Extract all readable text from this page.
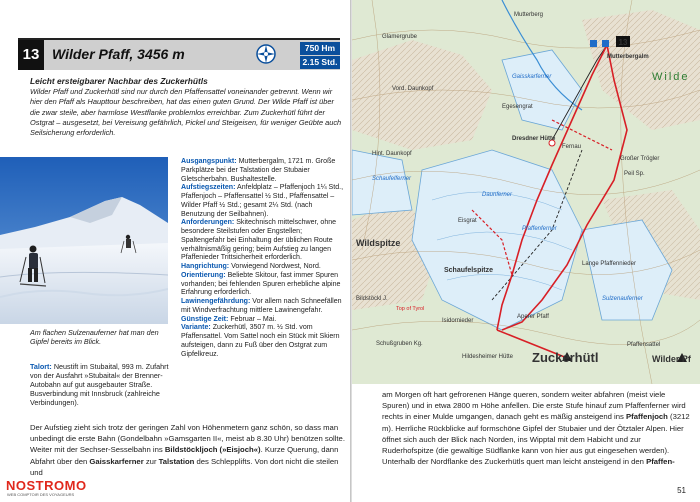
13 Wilder Pfaff, 3456 m	750 Hm
2.15 Std.
Leicht ersteigbarer Nachbar des Zuckerhütls

Wilder Pfaff und Zuckerhütl sind nur durch den Pfaffensattel voneinander getrennt. Wenn wir hier den Pfaff als Haupttour beschreiben, hat das einen guten Grund. Der Wilde Pfaff ist über die zwar steile, aber harmlose Westflanke problemlos erreichbar. Zum Zuckerhütl führt der Ostgrat – ausgesetzt, bei Vereisung gefährlich, Pickel und Steigeisen, für weniger Geübte auch Seilsicherung erforderlich.

Am flachen Sulzenauferner hat man den Gipfel bereits im Blick.

Talort: Neustift im Stubaital, 993 m. Zufahrt von der Ausfahrt »Stubaital« der Brenner-Autobahn auf gut ausgebauter Straße. Busverbindung mit Innsbruck (zahlreiche Verbindungen).

Ausgangspunkt: Mutterbergalm, 1721 m. Große Parkplätze bei der Talstation der Stubaier Gletscherbahn. Bushaltestelle.

Aufstiegszeiten: Anfeldplatz – Pfaffenjoch 1¼ Std., Pfaffenjoch – Pfaffensattel ½ Std., Pfaffensattel – Wilder Pfaff ½ Std.; gesamt 2¼ Std. (nach Benutzung der Seilbahnen).

Anforderungen: Skitechnisch mittelschwer, ohne besondere Steilstufen oder Engstellen; Spaltengefahr bei Einhaltung der üblichen Route verhältnismäßig gering; beim Aufstieg zu langen Pfaffenieder Trittsicherheit erforderlich.

Hangrichtung: Vorwiegend Nordwest, Nord.

Orientierung: Beliebte Skitour, fast immer Spuren vorhanden; bei fehlenden Spuren erhebliche alpine Erfahrung erforderlich.

Lawinengefährdung: Vor allem nach Schneefällen mit Windverfrachtung mittlere Lawinengefahr.

Günstige Zeit: Februar – Mai.

Variante: Zuckerhütl, 3507 m. ½ Std. vom Pfaffensattel. Vom Sattel noch ein Stück mit Skiern aufsteigen, dann zu Fuß über den Ostgrat zum Gipfelkreuz.

Der Aufstieg zieht sich trotz der geringen Zahl von Höhenmetern ganz schön, so dass man unbedingt die erste Bahn (Gondelbahn »Gamsgarten II«, meist ab 8.30 Uhr) benützen sollte. Weiter mit der Sechser-Sesselbahn ins Bildstöckljoch (»Eisjoch«). Kurze Querung, dann Abfahrt über den Gaisskarferner zur Talstation des Schlepplifts. Von dort nicht die steilen und

NOSTROMO
WEB COMPTOIR DES VOYAGEURS
13
Mutterberg
Mutterbergalm
Glamergrube
Vord. Daunkopf
Dresdner Hütte
Egesengrat
Hint. Daunkopf
Wilde
Großer Trögler
Peil Sp.
Wildspitze
Schaufelspitze
Eisgrat
Bildstöckl J.
Top of Tyrol
Isidornieder
Aperer Pfaff
Schußgruben Kg.
Hildesheimer Hütte Zuckerhütl
Pfaffensattel
Wilder Pf
Lange Pfaffennieder
Fernau
Daunferner
Gaisskarferner
Schaufelferner
Pfaffenferner
Sulzenauferner

am Morgen oft hart gefrorenen Hänge queren, sondern weiter abfahren (meist viele Spuren) und in etwa 2800 m Höhe anfellen. Die erste Stufe hinauf zum Pfaffenferner wird rechts in einer Mulde umgangen, danach geht es mäßig ansteigend ins Pfaffenjoch (3212 m). Herrliche Rückblicke auf formschöne Gipfel der Stubaier und der Ötztaler Alpen. Hier öffnet sich auch der Blick nach Norden, ins Wipptal mit dem Habicht und zur Ruderhofspitze (die gewaltige Südflanke kann von hier aus gut eingesehen werden). Unterhalb der Nordflanke des Zuckerhütls quert man leicht ansteigend in den Pfaffen-

51
